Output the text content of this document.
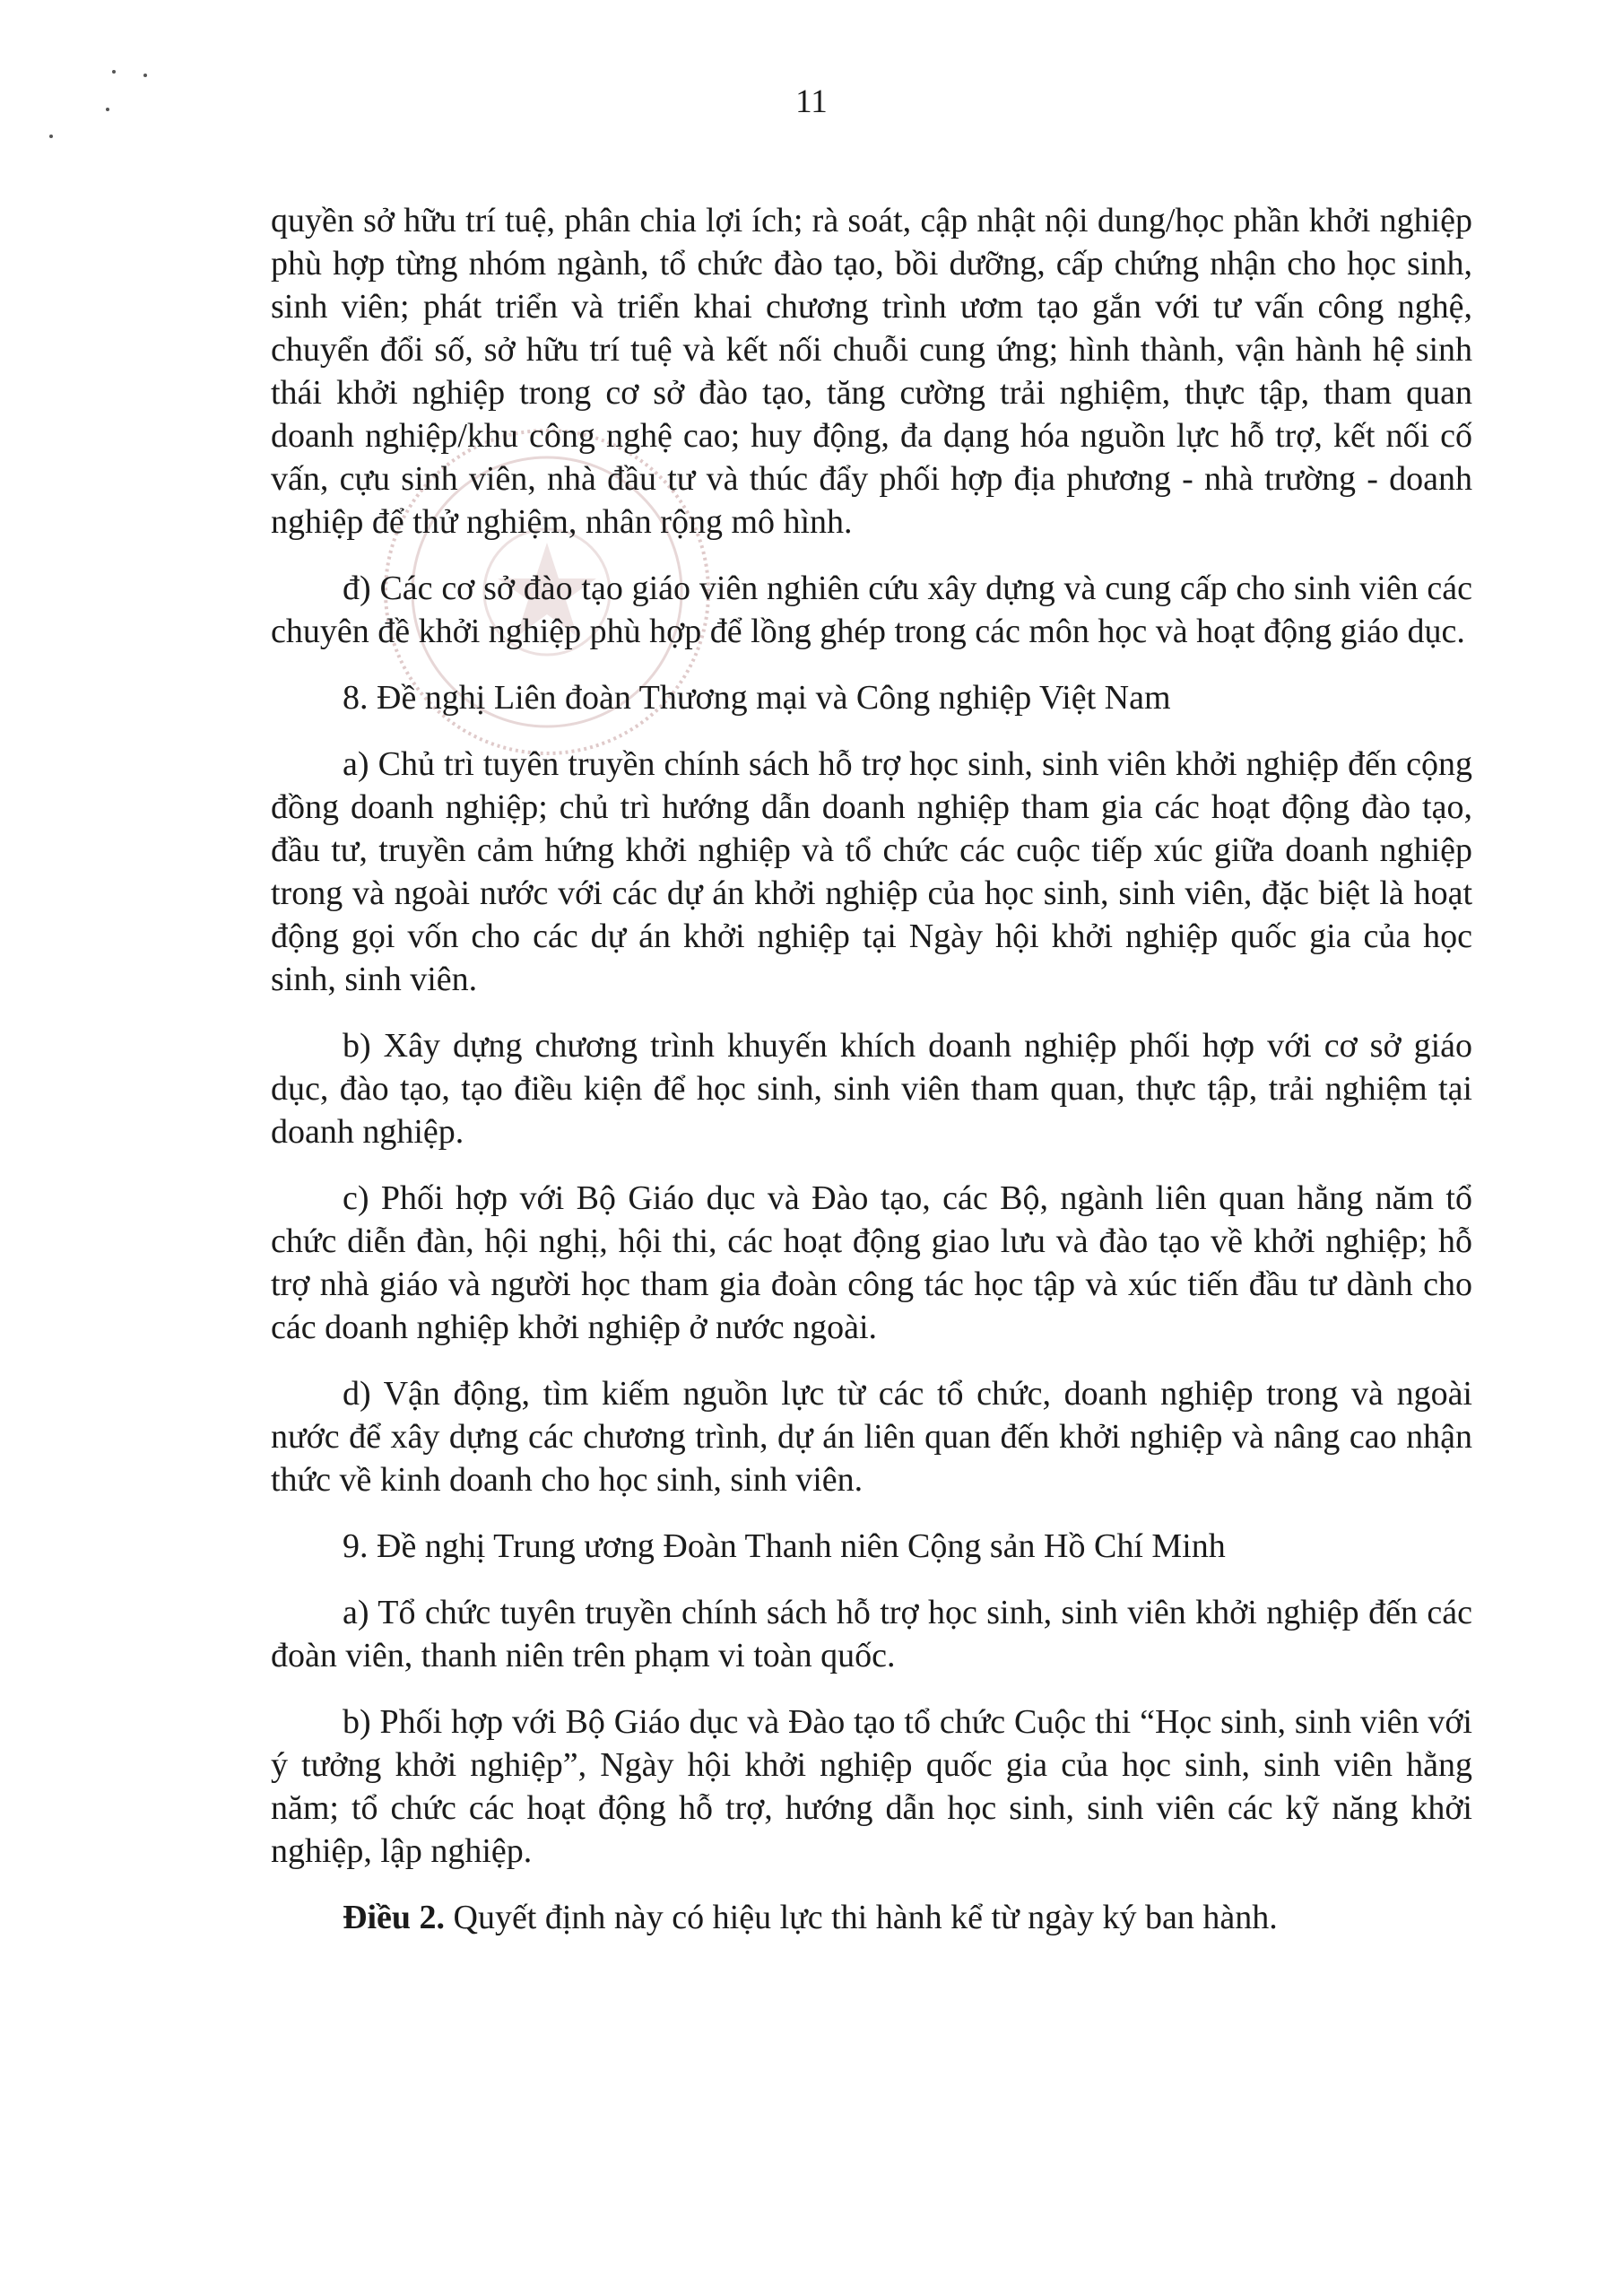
11

quyền sở hữu trí tuệ, phân chia lợi ích; rà soát, cập nhật nội dung/học phần khởi nghiệp phù hợp từng nhóm ngành, tổ chức đào tạo, bồi dưỡng, cấp chứng nhận cho học sinh, sinh viên; phát triển và triển khai chương trình ươm tạo gắn với tư vấn công nghệ, chuyển đổi số, sở hữu trí tuệ và kết nối chuỗi cung ứng; hình thành, vận hành hệ sinh thái khởi nghiệp trong cơ sở đào tạo, tăng cường trải nghiệm, thực tập, tham quan doanh nghiệp/khu công nghệ cao; huy động, đa dạng hóa nguồn lực hỗ trợ, kết nối cố vấn, cựu sinh viên, nhà đầu tư và thúc đẩy phối hợp địa phương - nhà trường - doanh nghiệp để thử nghiệm, nhân rộng mô hình.

đ) Các cơ sở đào tạo giáo viên nghiên cứu xây dựng và cung cấp cho sinh viên các chuyên đề khởi nghiệp phù hợp để lồng ghép trong các môn học và hoạt động giáo dục.

8. Đề nghị Liên đoàn Thương mại và Công nghiệp Việt Nam

a) Chủ trì tuyên truyền chính sách hỗ trợ học sinh, sinh viên khởi nghiệp đến cộng đồng doanh nghiệp; chủ trì hướng dẫn doanh nghiệp tham gia các hoạt động đào tạo, đầu tư, truyền cảm hứng khởi nghiệp và tổ chức các cuộc tiếp xúc giữa doanh nghiệp trong và ngoài nước với các dự án khởi nghiệp của học sinh, sinh viên, đặc biệt là hoạt động gọi vốn cho các dự án khởi nghiệp tại Ngày hội khởi nghiệp quốc gia của học sinh, sinh viên.

b) Xây dựng chương trình khuyến khích doanh nghiệp phối hợp với cơ sở giáo dục, đào tạo, tạo điều kiện để học sinh, sinh viên tham quan, thực tập, trải nghiệm tại doanh nghiệp.

c) Phối hợp với Bộ Giáo dục và Đào tạo, các Bộ, ngành liên quan hằng năm tổ chức diễn đàn, hội nghị, hội thi, các hoạt động giao lưu và đào tạo về khởi nghiệp; hỗ trợ nhà giáo và người học tham gia đoàn công tác học tập và xúc tiến đầu tư dành cho các doanh nghiệp khởi nghiệp ở nước ngoài.

d) Vận động, tìm kiếm nguồn lực từ các tổ chức, doanh nghiệp trong và ngoài nước để xây dựng các chương trình, dự án liên quan đến khởi nghiệp và nâng cao nhận thức về kinh doanh cho học sinh, sinh viên.

9. Đề nghị Trung ương Đoàn Thanh niên Cộng sản Hồ Chí Minh

a) Tổ chức tuyên truyền chính sách hỗ trợ học sinh, sinh viên khởi nghiệp đến các đoàn viên, thanh niên trên phạm vi toàn quốc.

b) Phối hợp với Bộ Giáo dục và Đào tạo tổ chức Cuộc thi “Học sinh, sinh viên với ý tưởng khởi nghiệp”, Ngày hội khởi nghiệp quốc gia của học sinh, sinh viên hằng năm; tổ chức các hoạt động hỗ trợ, hướng dẫn học sinh, sinh viên các kỹ năng khởi nghiệp, lập nghiệp.

Điều 2. Quyết định này có hiệu lực thi hành kể từ ngày ký ban hành.
